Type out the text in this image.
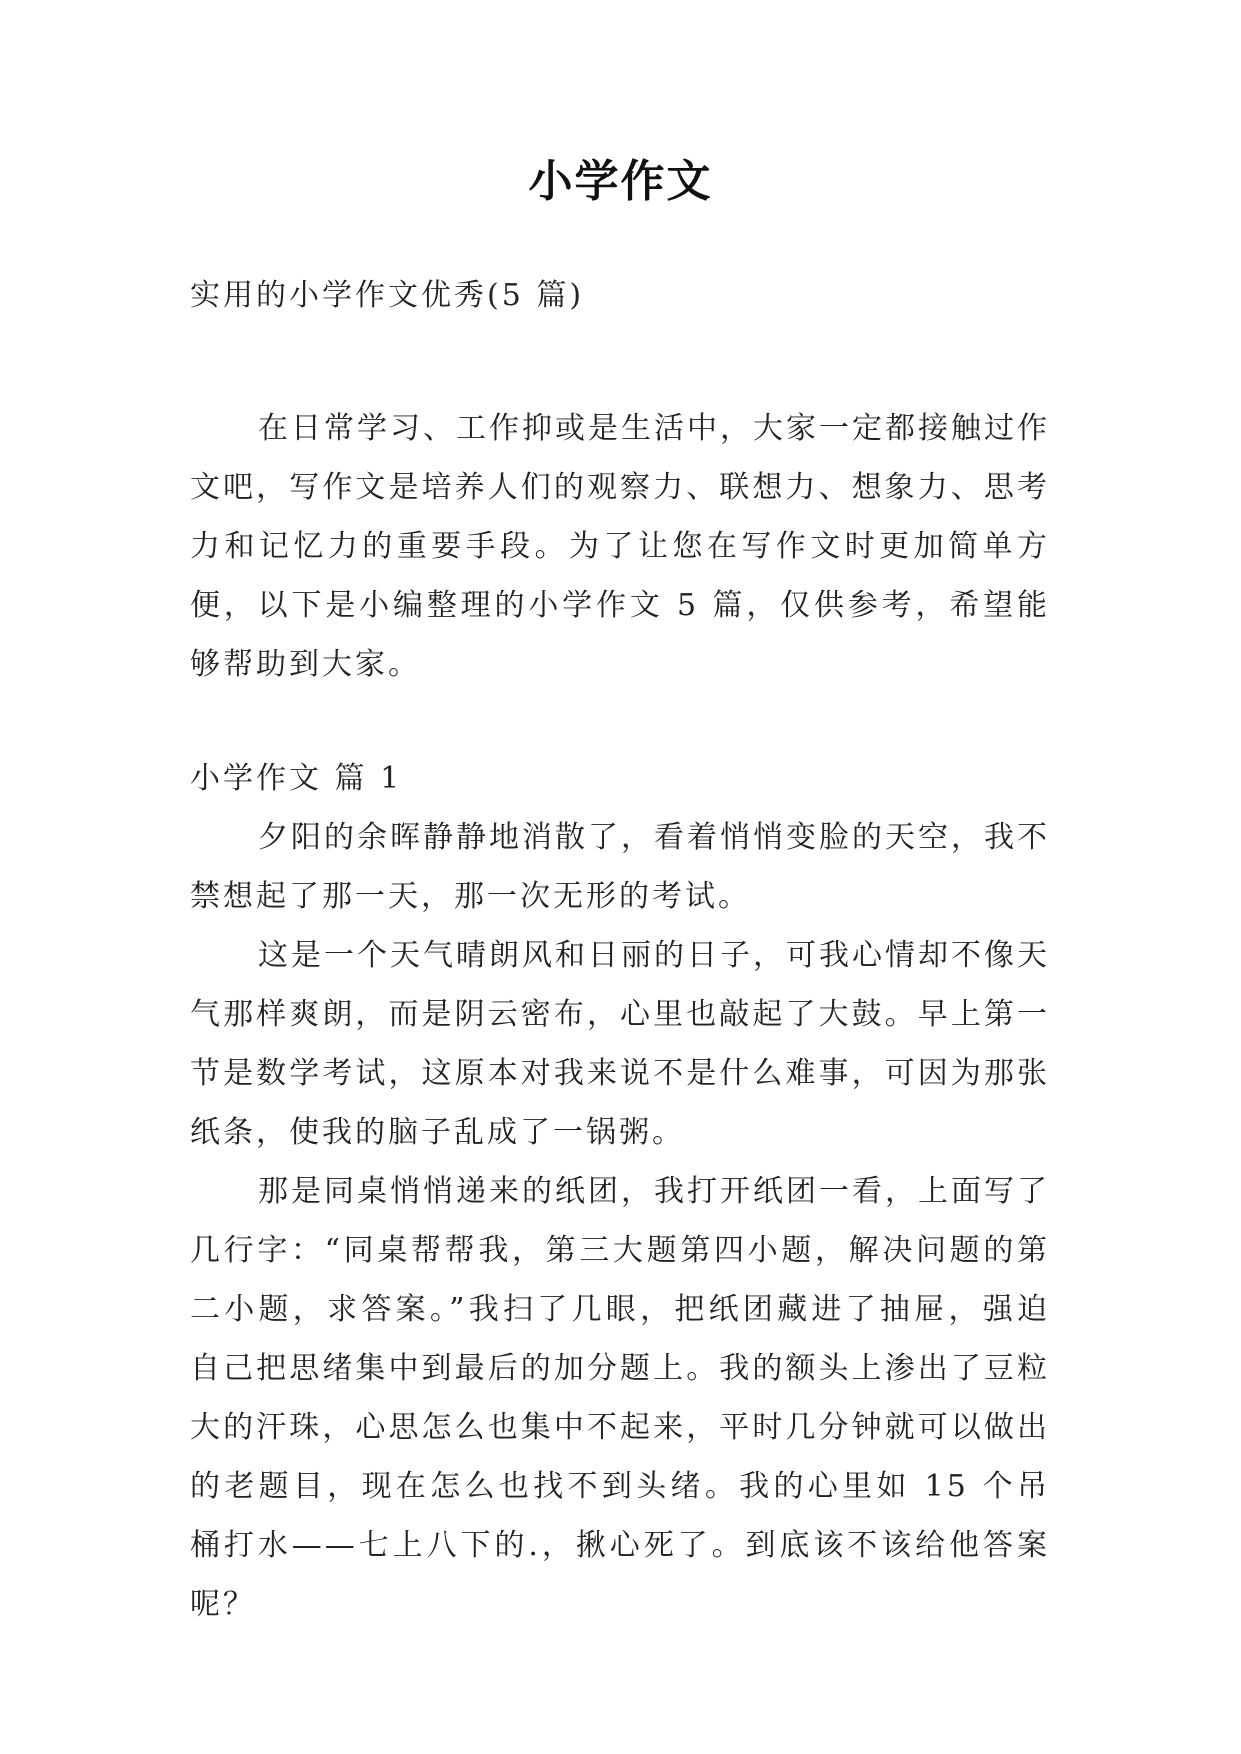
小学作文
实用的小学作文优秀(5 篇)

在日常学习、工作抑或是生活中，大家一定都接触过作文吧，写作文是培养人们的观察力、联想力、想象力、思考力和记忆力的重要手段。为了让您在写作文时更加简单方便，以下是小编整理的小学作文 5 篇，仅供参考，希望能够帮助到大家。

小学作文 篇 1

夕阳的余晖静静地消散了，看着悄悄变脸的天空，我不禁想起了那一天，那一次无形的考试。

这是一个天气晴朗风和日丽的日子，可我心情却不像天气那样爽朗，而是阴云密布，心里也敲起了大鼓。早上第一节是数学考试，这原本对我来说不是什么难事，可因为那张纸条，使我的脑子乱成了一锅粥。

那是同桌悄悄递来的纸团，我打开纸团一看，上面写了几行字：“同桌帮帮我，第三大题第四小题，解决问题的第二小题，求答案。”我扫了几眼，把纸团藏进了抽屉，强迫自己把思绪集中到最后的加分题上。我的额头上渗出了豆粒大的汗珠，心思怎么也集中不起来，平时几分钟就可以做出的老题目，现在怎么也找不到头绪。我的心里如 15 个吊桶打水——七上八下的.，揪心死了。到底该不该给他答案呢？
